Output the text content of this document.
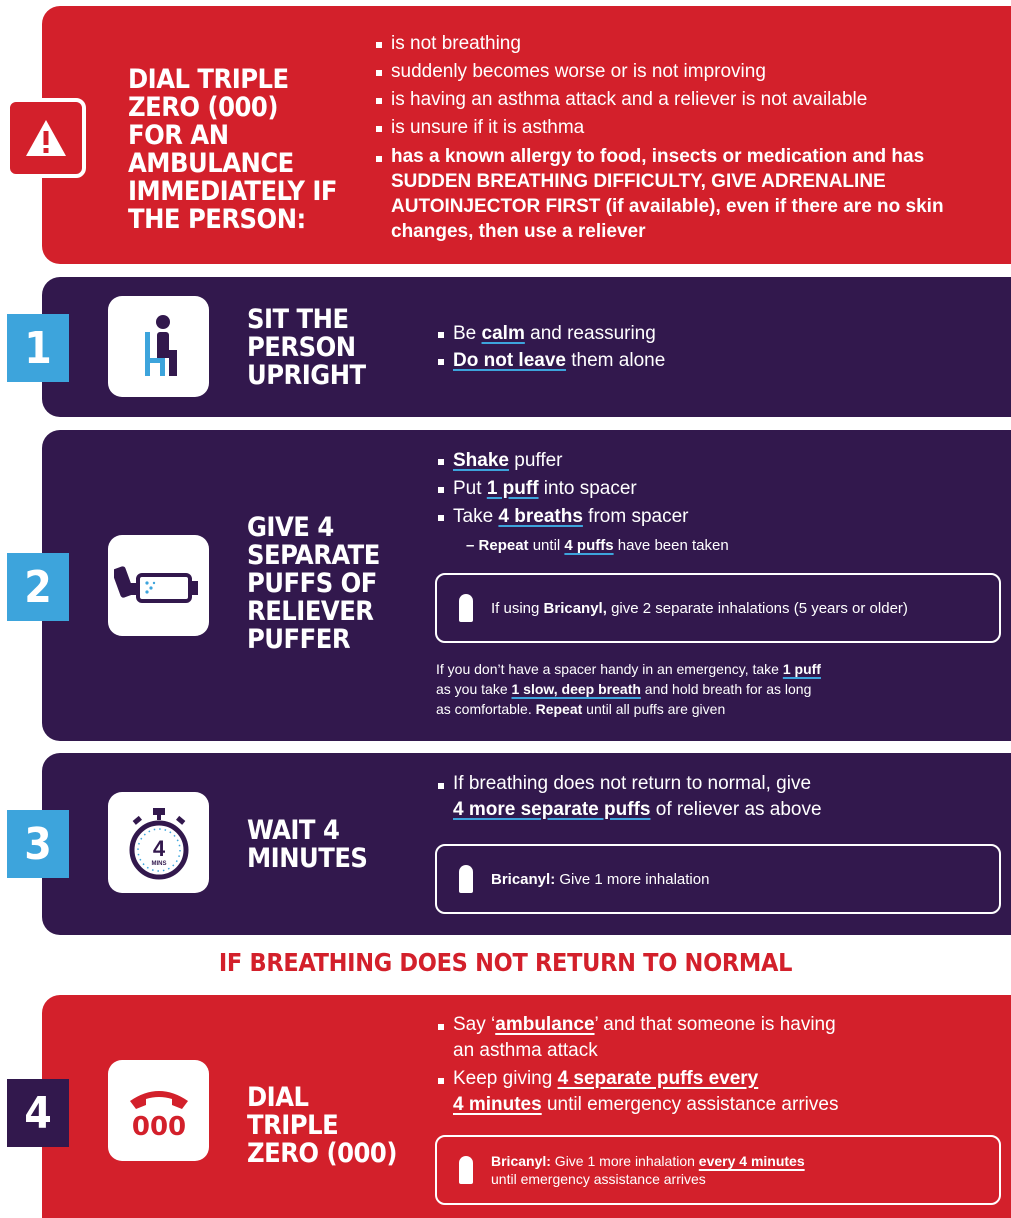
DIAL TRIPLE ZERO (000) FOR AN AMBULANCE IMMEDIATELY IF THE PERSON:
is not breathing
suddenly becomes worse or is not improving
is having an asthma attack and a reliever is not available
is unsure if it is asthma
has a known allergy to food, insects or medication and has SUDDEN BREATHING DIFFICULTY, GIVE ADRENALINE AUTOINJECTOR FIRST (if available), even if there are no skin changes, then use a reliever
1
SIT THE PERSON UPRIGHT
Be calm and reassuring
Do not leave them alone
2
GIVE 4 SEPARATE PUFFS OF RELIEVER PUFFER
Shake puffer
Put 1 puff into spacer
Take 4 breaths from spacer
– Repeat until 4 puffs have been taken
If using Bricanyl, give 2 separate inhalations (5 years or older)
If you don’t have a spacer handy in an emergency, take 1 puff
as you take 1 slow, deep breath and hold breath for as long
as comfortable. Repeat until all puffs are given
3	4
MINS
WAIT 4 MINUTES
If breathing does not return to normal, give
4 more separate puffs of reliever as above
Bricanyl: Give 1 more inhalation
IF BREATHING DOES NOT RETURN TO NORMAL
4	000
DIAL TRIPLE ZERO (000)
Say ‘ambulance’ and that someone is having
an asthma attack
Keep giving 4 separate puffs every
4 minutes until emergency assistance arrives
Bricanyl: Give 1 more inhalation every 4 minutes
until emergency assistance arrives
